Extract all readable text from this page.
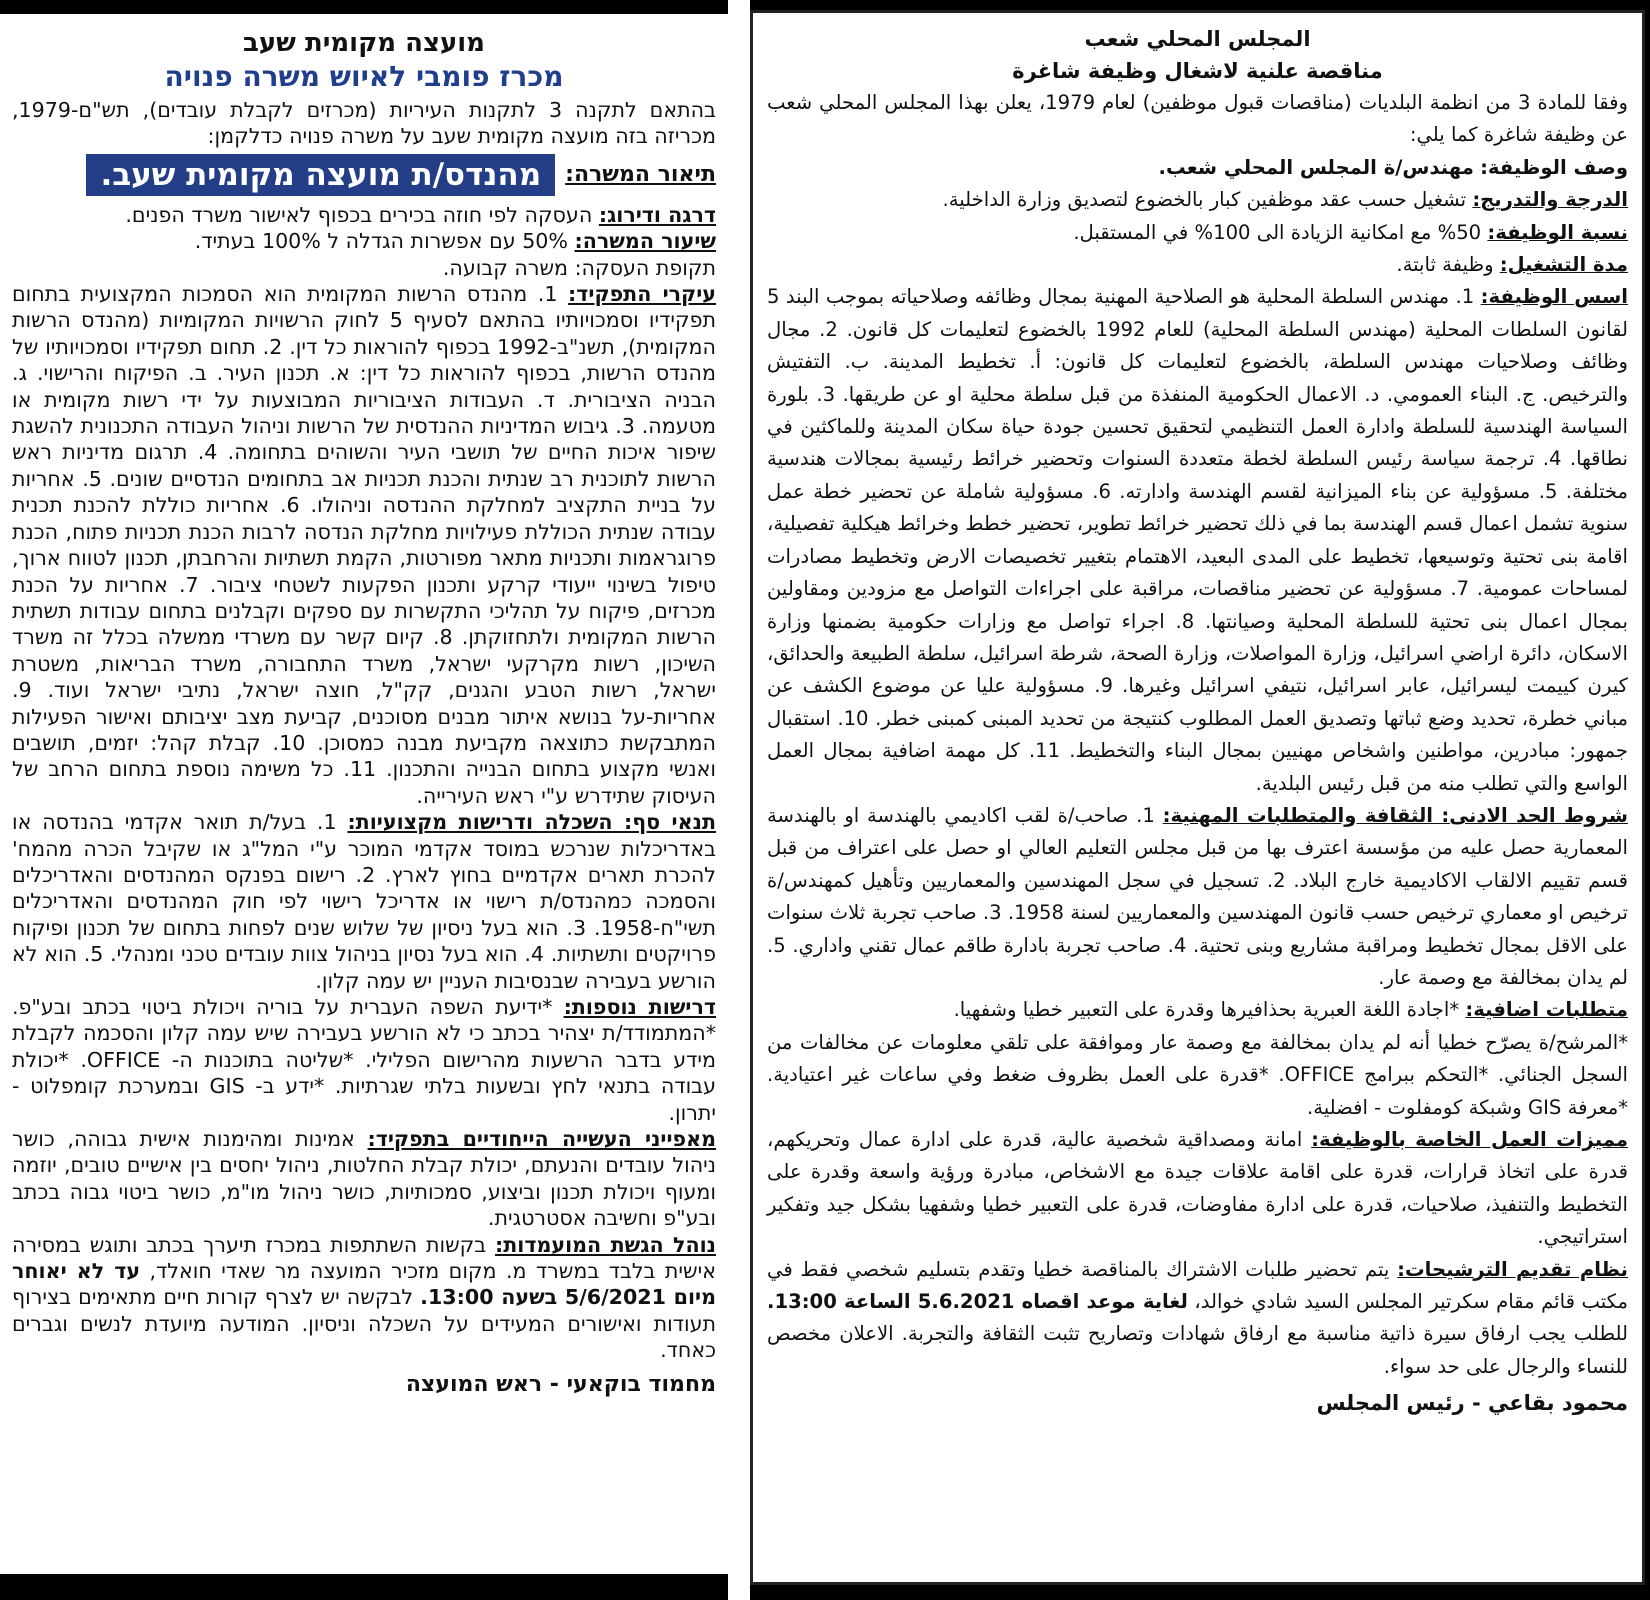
מועצה מקומית שעב
מכרז פומבי לאיוש משרה פנויה

בהתאם לתקנה 3 לתקנות העיריות (מכרזים לקבלת עובדים), תש"ם-1979, מכריזה בזה מועצה מקומית שעב על משרה פנויה כדלקמן:

תיאור המשרה:
מהנדס/ת מועצה מקומית שעב.

דרגה ודירוג: העסקה לפי חוזה בכירים בכפוף לאישור משרד הפנים.

שיעור המשרה: 50% עם אפשרות הגדלה ל 100% בעתיד.

תקופת העסקה: משרה קבועה.

עיקרי התפקיד: 1. מהנדס הרשות המקומית הוא הסמכות המקצועית בתחום תפקידיו וסמכויותיו בהתאם לסעיף 5 לחוק הרשויות המקומיות (מהנדס הרשות המקומית), תשנ"ב-1992 בכפוף להוראות כל דין. 2. תחום תפקידיו וסמכויותיו של מהנדס הרשות, בכפוף להוראות כל דין: א. תכנון העיר. ב. הפיקוח והרישוי. ג. הבניה הציבורית. ד. העבודות הציבוריות המבוצעות על ידי רשות מקומית או מטעמה. 3. גיבוש המדיניות ההנדסית של הרשות וניהול העבודה התכנונית להשגת שיפור איכות החיים של תושבי העיר והשוהים בתחומה. 4. תרגום מדיניות ראש הרשות לתוכנית רב שנתית והכנת תכניות אב בתחומים הנדסיים שונים. 5. אחריות על בניית התקציב למחלקת ההנדסה וניהולו. 6. אחריות כוללת להכנת תכנית עבודה שנתית הכוללת פעילויות מחלקת הנדסה לרבות הכנת תכניות פתוח, הכנת פרוגראמות ותכניות מתאר מפורטות, הקמת תשתיות והרחבתן, תכנון לטווח ארוך, טיפול בשינוי ייעודי קרקע ותכנון הפקעות לשטחי ציבור. 7. אחריות על הכנת מכרזים, פיקוח על תהליכי התקשרות עם ספקים וקבלנים בתחום עבודות תשתית הרשות המקומית ולתחזוקתן. 8. קיום קשר עם משרדי ממשלה בכלל זה משרד השיכון, רשות מקרקעי ישראל, משרד התחבורה, משרד הבריאות, משטרת ישראל, רשות הטבע והגנים, קק"ל, חוצה ישראל, נתיבי ישראל ועוד. 9. אחריות-על בנושא איתור מבנים מסוכנים, קביעת מצב יציבותם ואישור הפעילות המתבקשת כתוצאה מקביעת מבנה כמסוכן. 10. קבלת קהל: יזמים, תושבים ואנשי מקצוע בתחום הבנייה והתכנון. 11. כל משימה נוספת בתחום הרחב של העיסוק שתידרש ע"י ראש העירייה.

תנאי סף: השכלה ודרישות מקצועיות: 1. בעל/ת תואר אקדמי בהנדסה או באדריכלות שנרכש במוסד אקדמי המוכר ע"י המל"ג או שקיבל הכרה מהמח' להכרת תארים אקדמיים בחוץ לארץ. 2. רישום בפנקס המהנדסים והאדריכלים והסמכה כמהנדס/ת רישוי או אדריכל רישוי לפי חוק המהנדסים והאדריכלים תשי"ח-1958. 3. הוא בעל ניסיון של שלוש שנים לפחות בתחום של תכנון ופיקוח פרויקטים ותשתיות. 4. הוא בעל נסיון בניהול צוות עובדים טכני ומנהלי. 5. הוא לא הורשע בעבירה שבנסיבות העניין יש עמה קלון.

דרישות נוספות: *ידיעת השפה העברית על בוריה ויכולת ביטוי בכתב ובע"פ. *המתמודד/ת יצהיר בכתב כי לא הורשע בעבירה שיש עמה קלון והסכמה לקבלת מידע בדבר הרשעות מהרישום הפלילי. *שליטה בתוכנות ה- OFFICE. *יכולת עבודה בתנאי לחץ ובשעות בלתי שגרתיות. *ידע ב- GIS ובמערכת קומפלוט - יתרון.

מאפייני העשייה הייחודיים בתפקיד: אמינות ומהימנות אישית גבוהה, כושר ניהול עובדים והנעתם, יכולת קבלת החלטות, ניהול יחסים בין אישיים טובים, יוזמה ומעוף ויכולת תכנון וביצוע, סמכותיות, כושר ניהול מו"מ, כושר ביטוי גבוה בכתב ובע"פ וחשיבה אסטרטגית.

נוהל הגשת המועמדות: בקשות השתתפות במכרז תיערך בכתב ותוגש במסירה אישית בלבד במשרד מ. מקום מזכיר המועצה מר שאדי חואלד, עד לא יאוחר מיום 5/6/2021 בשעה 13:00. לבקשה יש לצרף קורות חיים מתאימים בצירוף תעודות ואישורים המעידים על השכלה וניסיון. המודעה מיועדת לנשים וגברים כאחד.

מחמוד בוקאעי - ראש המועצה
المجلس المحلي شعب
مناقصة علنية لاشغال وظيفة شاغرة

وفقا للمادة 3 من انظمة البلديات (مناقصات قبول موظفين) لعام 1979، يعلن بهذا المجلس المحلي شعب عن وظيفة شاغرة كما يلي:

وصف الوظيفة: مهندس/ة المجلس المحلي شعب.

الدرجة والتدريج: تشغيل حسب عقد موظفين كبار بالخضوع لتصديق وزارة الداخلية.

نسبة الوظيفة: 50% مع امكانية الزيادة الى 100% في المستقبل.

مدة التشغيل: وظيفة ثابتة.

اسس الوظيفة: 1. مهندس السلطة المحلية هو الصلاحية المهنية بمجال وظائفه وصلاحياته بموجب البند 5 لقانون السلطات المحلية (مهندس السلطة المحلية) للعام 1992 بالخضوع لتعليمات كل قانون. 2. مجال وظائف وصلاحيات مهندس السلطة، بالخضوع لتعليمات كل قانون: أ. تخطيط المدينة. ب. التفتيش والترخيص. ج. البناء العمومي. د. الاعمال الحكومية المنفذة من قبل سلطة محلية او عن طريقها. 3. بلورة السياسة الهندسية للسلطة وادارة العمل التنظيمي لتحقيق تحسين جودة حياة سكان المدينة وللماكثين في نطاقها. 4. ترجمة سياسة رئيس السلطة لخطة متعددة السنوات وتحضير خرائط رئيسية بمجالات هندسية مختلفة. 5. مسؤولية عن بناء الميزانية لقسم الهندسة وادارته. 6. مسؤولية شاملة عن تحضير خطة عمل سنوية تشمل اعمال قسم الهندسة بما في ذلك تحضير خرائط تطوير، تحضير خطط وخرائط هيكلية تفصيلية، اقامة بنى تحتية وتوسيعها، تخطيط على المدى البعيد، الاهتمام بتغيير تخصيصات الارض وتخطيط مصادرات لمساحات عمومية. 7. مسؤولية عن تحضير مناقصات، مراقبة على اجراءات التواصل مع مزودين ومقاولين بمجال اعمال بنى تحتية للسلطة المحلية وصيانتها. 8. اجراء تواصل مع وزارات حكومية بضمنها وزارة الاسكان، دائرة اراضي اسرائيل، وزارة المواصلات، وزارة الصحة، شرطة اسرائيل، سلطة الطبيعة والحدائق، كيرن كييمت ليسرائيل، عابر اسرائيل، نتيفي اسرائيل وغيرها. 9. مسؤولية عليا عن موضوع الكشف عن مباني خطرة، تحديد وضع ثباتها وتصديق العمل المطلوب كنتيجة من تحديد المبنى كمبنى خطر. 10. استقبال جمهور: مبادرين، مواطنين واشخاص مهنيين بمجال البناء والتخطيط. 11. كل مهمة اضافية بمجال العمل الواسع والتي تطلب منه من قبل رئيس البلدية.

شروط الحد الادنى: الثقافة والمتطلبات المهنية: 1. صاحب/ة لقب اكاديمي بالهندسة او بالهندسة المعمارية حصل عليه من مؤسسة اعترف بها من قبل مجلس التعليم العالي او حصل على اعتراف من قبل قسم تقييم الالقاب الاكاديمية خارج البلاد. 2. تسجيل في سجل المهندسين والمعماريين وتأهيل كمهندس/ة ترخيص او معماري ترخيص حسب قانون المهندسين والمعماريين لسنة 1958. 3. صاحب تجربة ثلاث سنوات على الاقل بمجال تخطيط ومراقبة مشاريع وبنى تحتية. 4. صاحب تجربة بادارة طاقم عمال تقني واداري. 5. لم يدان بمخالفة مع وصمة عار.

متطلبات اضافية: *اجادة اللغة العبرية بحذافيرها وقدرة على التعبير خطيا وشفهيا.

*المرشح/ة يصرّح خطيا أنه لم يدان بمخالفة مع وصمة عار وموافقة على تلقي معلومات عن مخالفات من السجل الجنائي. *التحكم ببرامج OFFICE. *قدرة على العمل بظروف ضغط وفي ساعات غير اعتيادية. *معرفة GIS وشبكة كومفلوت - افضلية.

مميزات العمل الخاصة بالوظيفة: امانة ومصداقية شخصية عالية، قدرة على ادارة عمال وتحريكهم، قدرة على اتخاذ قرارات، قدرة على اقامة علاقات جيدة مع الاشخاص، مبادرة ورؤية واسعة وقدرة على التخطيط والتنفيذ، صلاحيات، قدرة على ادارة مفاوضات، قدرة على التعبير خطيا وشفهيا بشكل جيد وتفكير استراتيجي.

نظام تقديم الترشيحات: يتم تحضير طلبات الاشتراك بالمناقصة خطيا وتقدم بتسليم شخصي فقط في مكتب قائم مقام سكرتير المجلس السيد شادي خوالد، لغاية موعد اقصاه 5.6.2021 الساعة 13:00. للطلب يجب ارفاق سيرة ذاتية مناسبة مع ارفاق شهادات وتصاريح تثبت الثقافة والتجربة. الاعلان مخصص للنساء والرجال على حد سواء.

محمود بقاعي - رئيس المجلس
